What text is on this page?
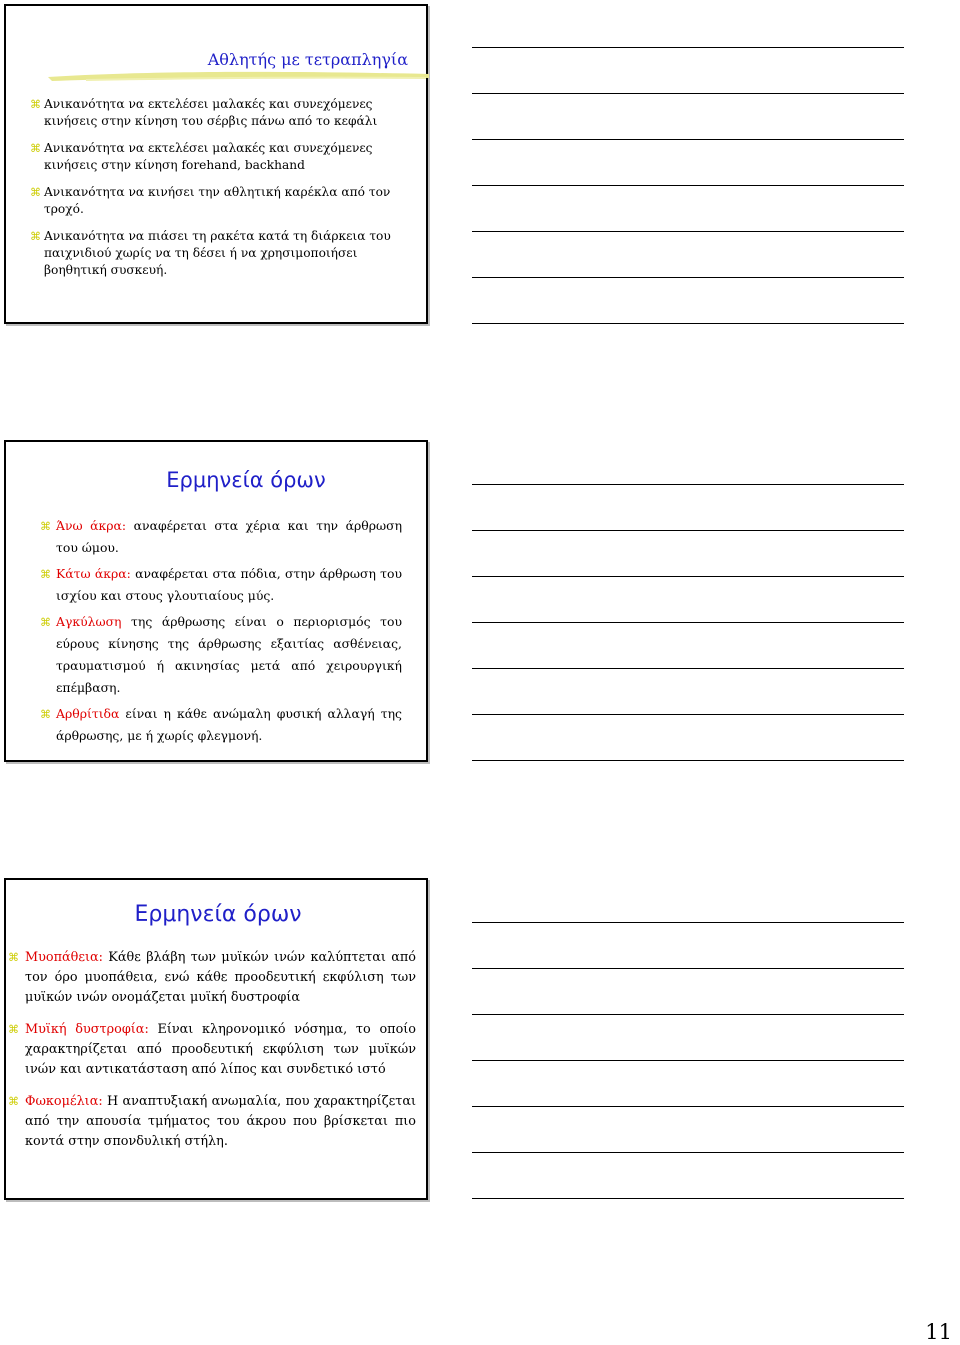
Αθλητής με τετραπληγία
⌘ Ανικανότητα να εκτελέσει μαλακές και συνεχόμενες κινήσεις στην κίνηση του σέρβις πάνω από το κεφάλι
⌘ Ανικανότητα να εκτελέσει μαλακές και συνεχόμενες κινήσεις στην κίνηση forehand, backhand
⌘ Ανικανότητα να κινήσει την αθλητική καρέκλα από τον τροχό.
⌘ Ανικανότητα να πιάσει τη ρακέτα κατά τη διάρκεια του παιχνιδιού χωρίς να τη δέσει ή να χρησιμοποιήσει βοηθητική συσκευή.
Ερμηνεία όρων
⌘ Άνω άκρα: αναφέρεται στα χέρια και την άρθρωση του ώμου.
⌘ Κάτω άκρα: αναφέρεται στα πόδια, στην άρθρωση του ισχίου και στους γλουτιαίους μύς.
⌘ Αγκύλωση της άρθρωσης είναι ο περιορισμός του εύρους κίνησης της άρθρωσης εξαιτίας ασθένειας, τραυματισμού ή ακινησίας μετά από χειρουργική επέμβαση.
⌘ Αρθρίτιδα είναι η κάθε ανώμαλη φυσική αλλαγή της άρθρωσης, με ή χωρίς φλεγμονή.
Ερμηνεία όρων
⌘ Μυοπάθεια: Κάθε βλάβη των μυϊκών ινών καλύπτεται από τον όρο μυοπάθεια, ενώ κάθε προοδευτική εκφύλιση των μυϊκών ινών ονομάζεται μυϊκή δυστροφία
⌘ Μυϊκή δυστροφία: Είναι κληρονομικό νόσημα, το οποίο χαρακτηρίζεται από προοδευτική εκφύλιση των μυϊκών ινών και αντικατάσταση από λίπος και συνδετικό ιστό
⌘ Φωκομέλια: Η αναπτυξιακή ανωμαλία, που χαρακτηρίζεται από την απουσία τμήματος του άκρου που βρίσκεται πιο κοντά στην σπονδυλική στήλη.
11
